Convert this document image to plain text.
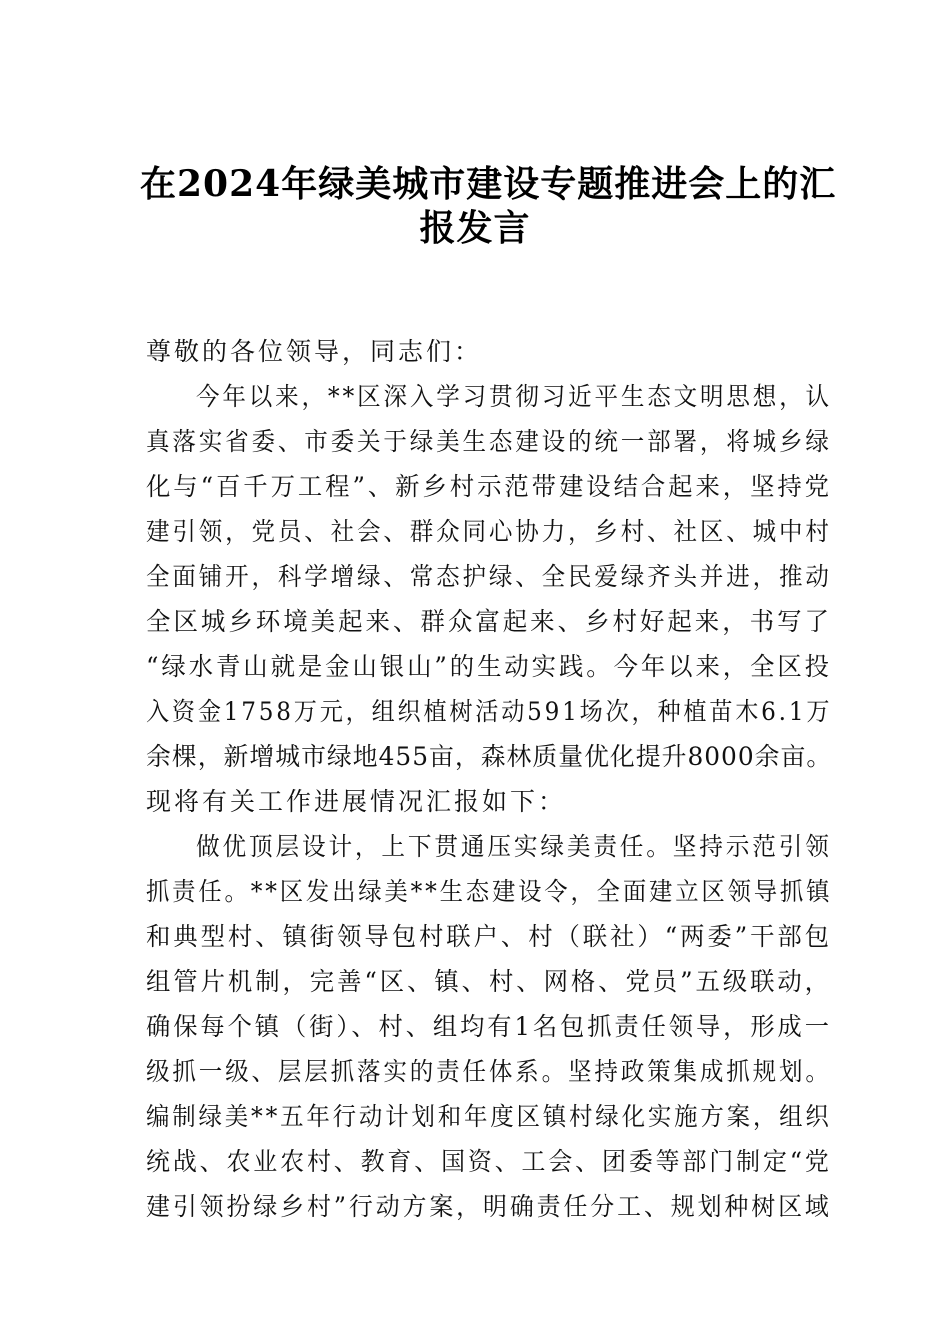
在2024年绿美城市建设专题推进会上的汇
报发言
尊敬的各位领导，同志们：
今年以来，**区深入学习贯彻习近平生态文明思想，认
真落实省委、市委关于绿美生态建设的统一部署，将城乡绿
化与“百千万工程”、新乡村示范带建设结合起来，坚持党
建引领，党员、社会、群众同心协力，乡村、社区、城中村
全面铺开，科学增绿、常态护绿、全民爱绿齐头并进，推动
全区城乡环境美起来、群众富起来、乡村好起来，书写了
“绿水青山就是金山银山”的生动实践。今年以来，全区投
入资金1758万元，组织植树活动591场次，种植苗木6.1万
余棵，新增城市绿地455亩，森林质量优化提升8000余亩。
现将有关工作进展情况汇报如下：
做优顶层设计，上下贯通压实绿美责任。坚持示范引领
抓责任。**区发出绿美**生态建设令，全面建立区领导抓镇
和典型村、镇街领导包村联户、村（联社）“两委”干部包
组管片机制，完善“区、镇、村、网格、党员”五级联动，
确保每个镇（街）、村、组均有1名包抓责任领导，形成一
级抓一级、层层抓落实的责任体系。坚持政策集成抓规划。
编制绿美**五年行动计划和年度区镇村绿化实施方案，组织
统战、农业农村、教育、国资、工会、团委等部门制定“党
建引领扮绿乡村”行动方案，明确责任分工、规划种树区域
